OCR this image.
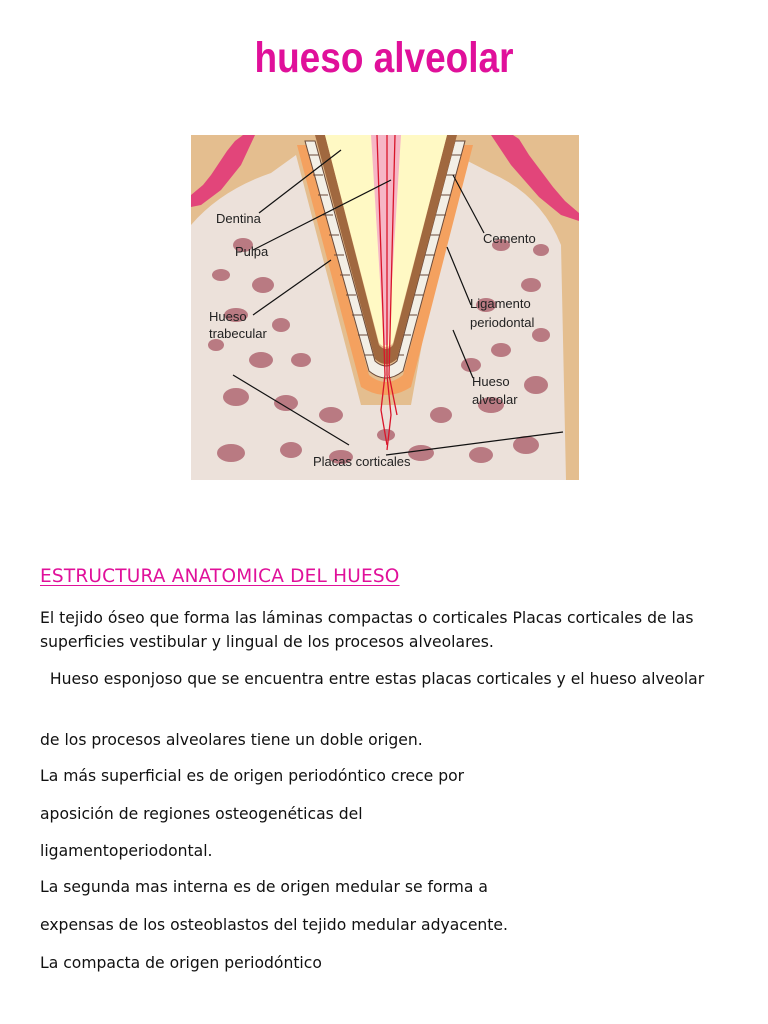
hueso alveolar
Dentina
Pulpa
Hueso
trabecular
Cemento
Ligamento
periodontal
Hueso
alveolar
Placas corticales
ESTRUCTURA ANATOMICA DEL HUESO

El tejido óseo que forma las láminas compactas o corticales Placas corticales de las superficies vestibular y lingual de los procesos alveolares.

Hueso esponjoso que se encuentra entre estas placas corticales y el hueso alveolar

de los procesos alveolares tiene un doble origen.

La más superficial es de origen periodóntico crece por

aposición de regiones osteogenéticas del

ligamentoperiodontal.

La segunda mas interna es de origen medular se forma a

expensas de los osteoblastos del tejido medular adyacente.

La compacta de origen periodóntico
